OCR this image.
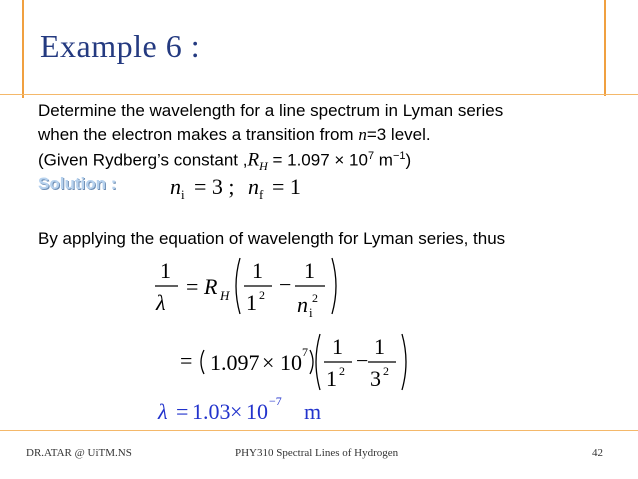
Example 6 :
Determine the wavelength for a line spectrum in Lyman series
when the electron makes a transition from n=3 level.
(Given Rydberg’s constant $,R_H = 1.097 \times 10^7$ $m^{-1}$)
Solution : n i = 3 ; n f = 1
By applying the equation of wavelength for Lyman series, thus
1
λ
= R H
1
1 2 −
1
n i
2
= 1.097 × 10 7 1
1 2 −
1
3 2
λ = 1.03 × 10 −7 m
DR.ATAR @ UiTM.NS	PHY310 Spectral Lines of Hydrogen	42
